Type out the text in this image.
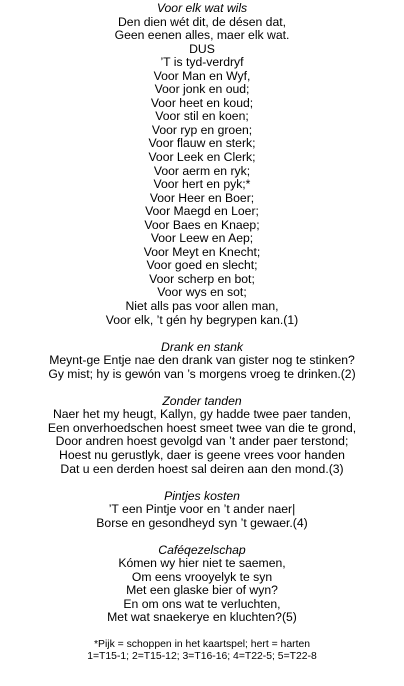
Voor elk wat wils
Den dien wét dit, de désen dat,
Geen eenen alles, maer elk wat.
DUS
’T is tyd-verdryf
Voor Man en Wyf,
Voor jonk en oud;
Voor heet en koud;
Voor stil en koen;
Voor ryp en groen;
Voor flauw en sterk;
Voor Leek en Clerk;
Voor aerm en ryk;
Voor hert en pyk;*
Voor Heer en Boer;
Voor Maegd en Loer;
Voor Baes en Knaep;
Voor Leew en Aep;
Voor Meyt en Knecht;
Voor goed en slecht;
Voor scherp en bot;
Voor wys en sot;
Niet alls pas voor allen man,
Voor elk, ’t gén hy begrypen kan.(1)
Drank en stank
Meynt-ge Entje nae den drank van gister nog te stinken?
Gy mist; hy is gewón van ’s morgens vroeg te drinken.(2)
Zonder tanden
Naer het my heugt, Kallyn, gy hadde twee paer tanden,
Een onverhoedschen hoest smeet twee van die te grond,
Door andren hoest gevolgd van ’t ander paer terstond;
Hoest nu gerustlyk, daer is geene vrees voor handen
Dat u een derden hoest sal deiren aan den mond.(3)
Pintjes kosten
’T een Pintje voor en ’t ander naer|
Borse en gesondheyd syn ’t gewaer.(4)
Caféqezelschap
Kómen wy hier niet te saemen,
Om eens vrooyelyk te syn
Met een glaske bier of wyn?
En om ons wat te verluchten,
Met wat snaekerye en kluchten?(5)
*Pijk = schoppen in het kaartspel; hert = harten
1=T15-1; 2=T15-12; 3=T16-16; 4=T22-5; 5=T22-8
